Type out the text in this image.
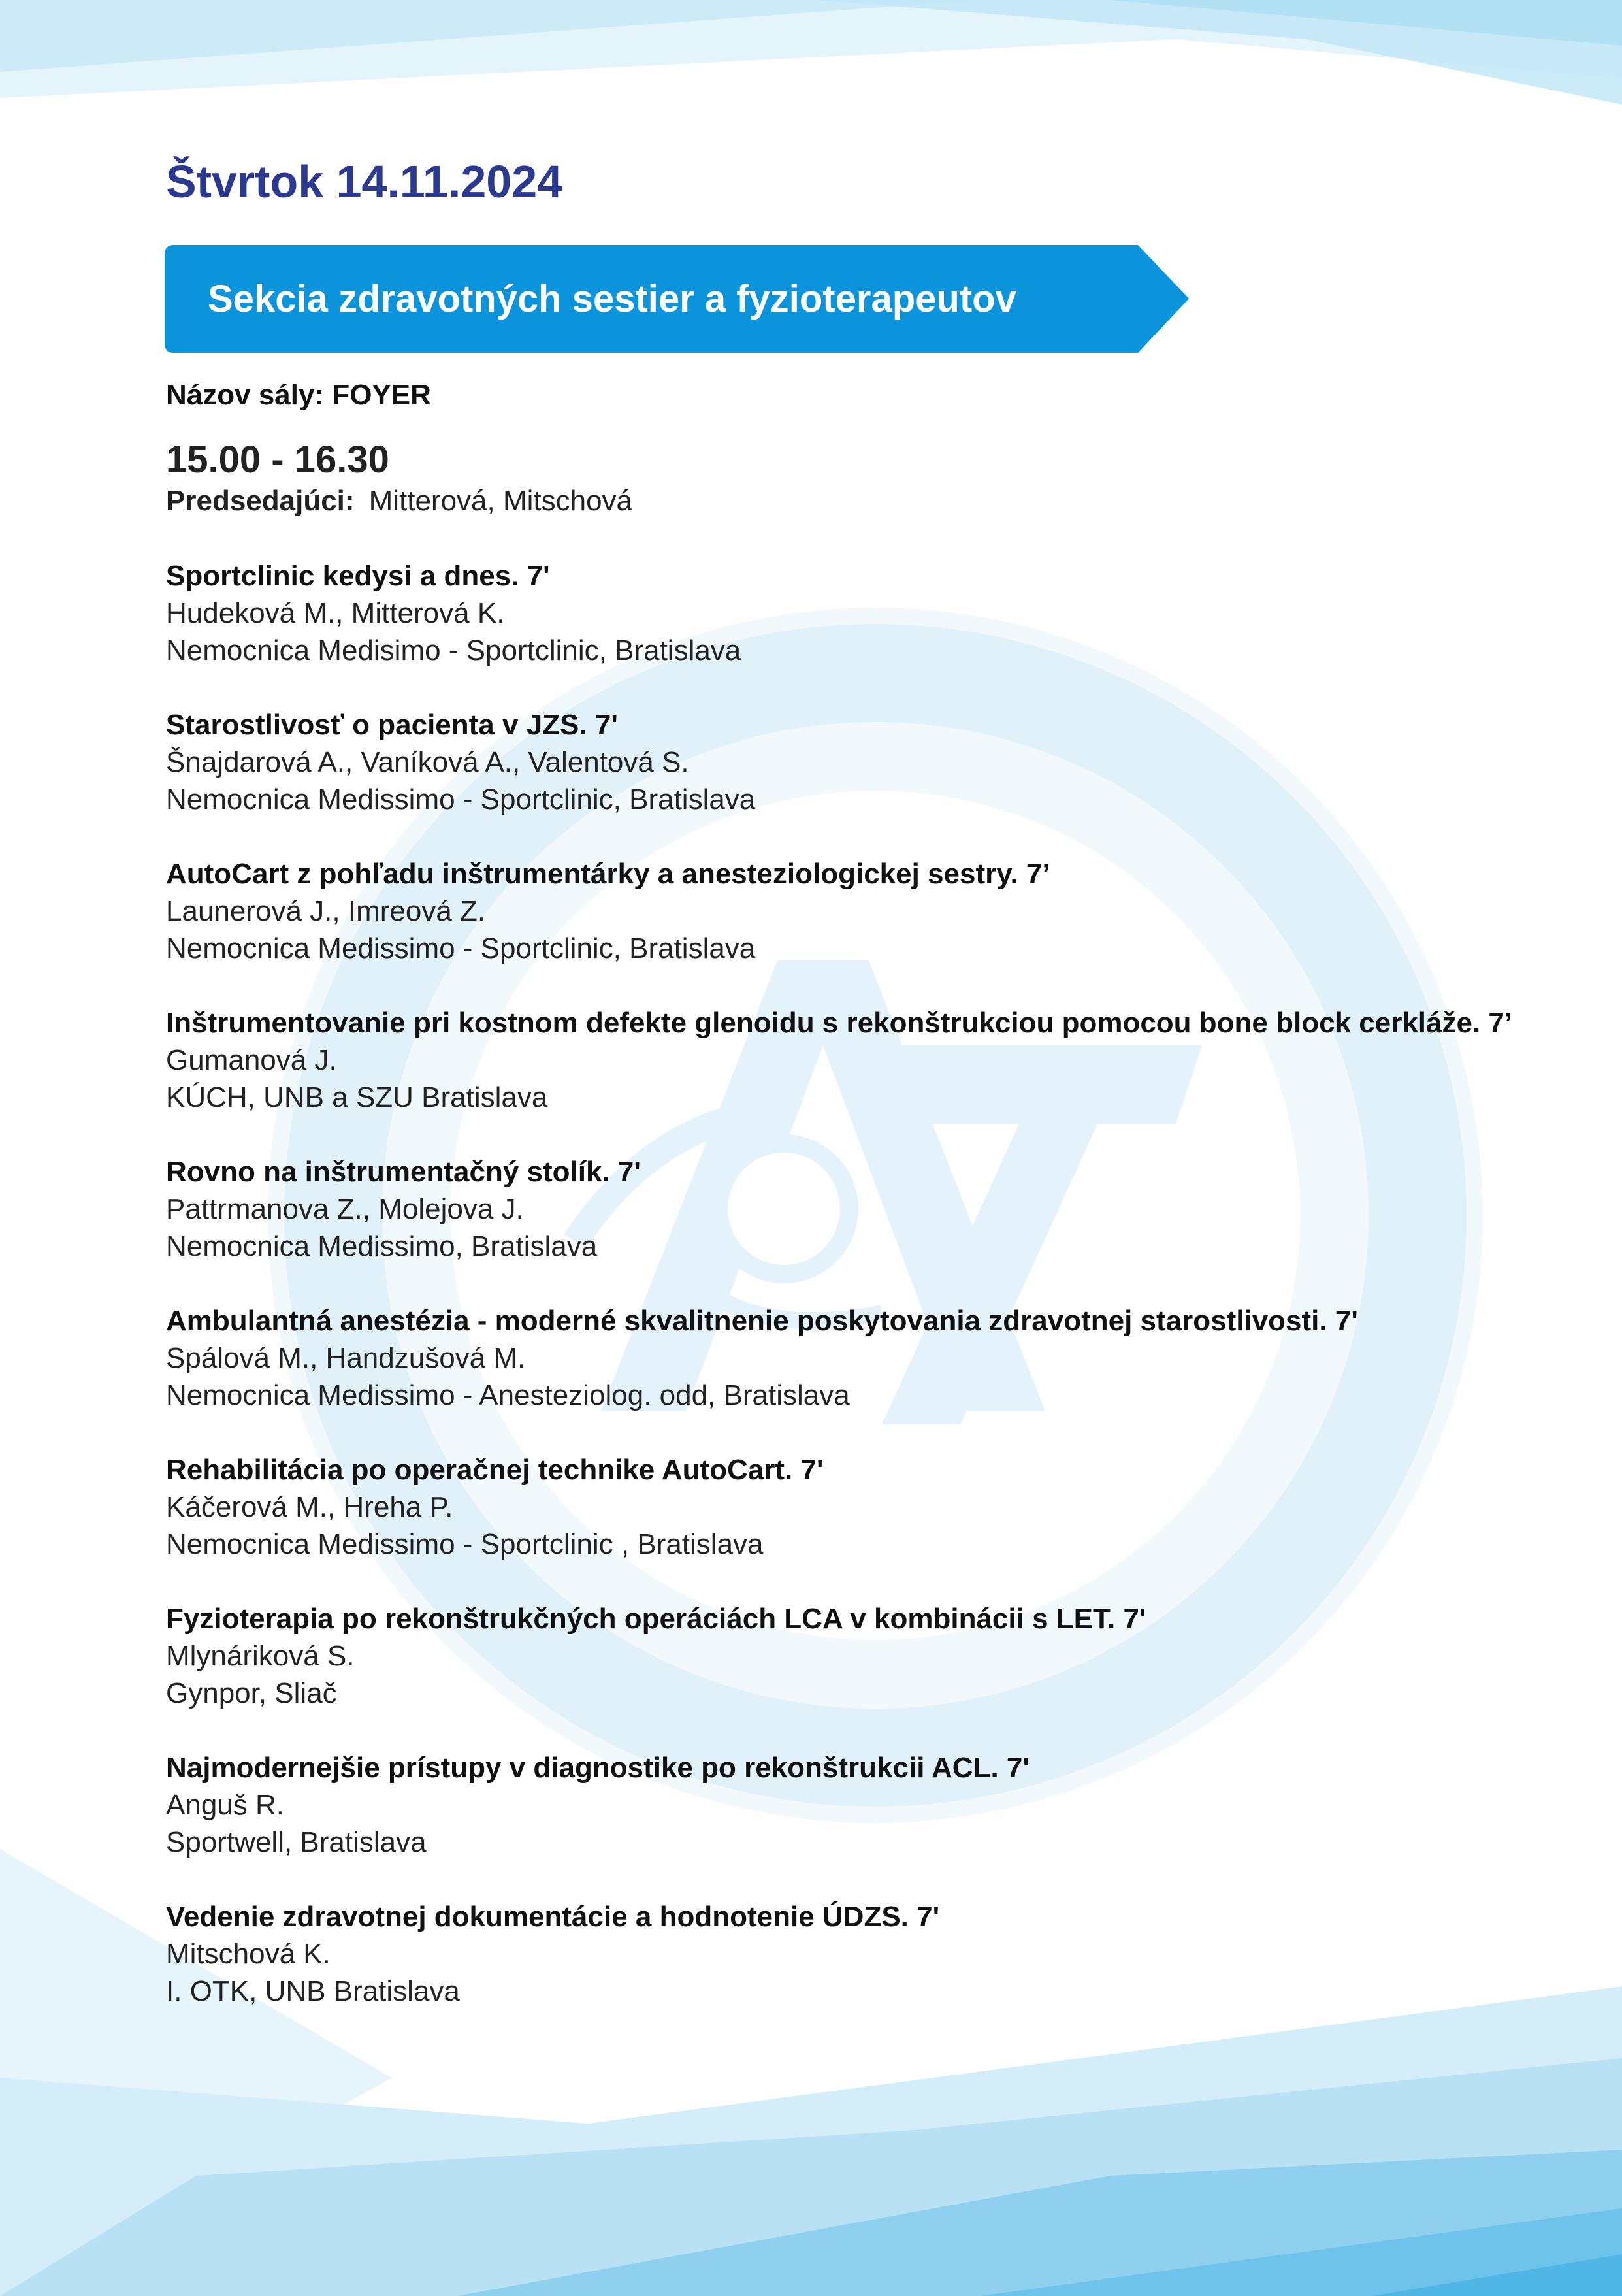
Štvrtok 14.11.2024
Sekcia zdravotných sestier a fyzioterapeutov
Názov sály: FOYER
15.00 - 16.30
Predsedajúci: Mitterová, Mitschová
Sportclinic kedysi a dnes. 7'
Hudeková M., Mitterová K.
Nemocnica Medisimo - Sportclinic, Bratislava
Starostlivosť o pacienta v JZS. 7'
Šnajdarová A., Vaníková A., Valentová S.
Nemocnica Medissimo - Sportclinic, Bratislava
AutoCart z pohľadu inštrumentárky a anesteziologickej sestry. 7’
Launerová J., Imreová Z.
Nemocnica Medissimo - Sportclinic, Bratislava
Inštrumentovanie pri kostnom defekte glenoidu s rekonštrukciou pomocou bone block cerkláže. 7’
Gumanová J.
KÚCH, UNB a SZU Bratislava
Rovno na inštrumentačný stolík. 7'
Pattrmanova Z., Molejova J.
Nemocnica Medissimo, Bratislava
Ambulantná anestézia - moderné skvalitnenie poskytovania zdravotnej starostlivosti. 7'
Spálová M., Handzušová M.
Nemocnica Medissimo - Anesteziolog. odd, Bratislava
Rehabilitácia po operačnej technike AutoCart. 7'
Káčerová M., Hreha P.
Nemocnica Medissimo - Sportclinic , Bratislava
Fyzioterapia po rekonštrukčných operáciách LCA v kombinácii s LET. 7'
Mlynáriková S.
Gynpor, Sliač
Najmodernejšie prístupy v diagnostike po rekonštrukcii ACL. 7'
Anguš R.
Sportwell, Bratislava
Vedenie zdravotnej dokumentácie a hodnotenie ÚDZS. 7'
Mitschová K.
I. OTK, UNB Bratislava
